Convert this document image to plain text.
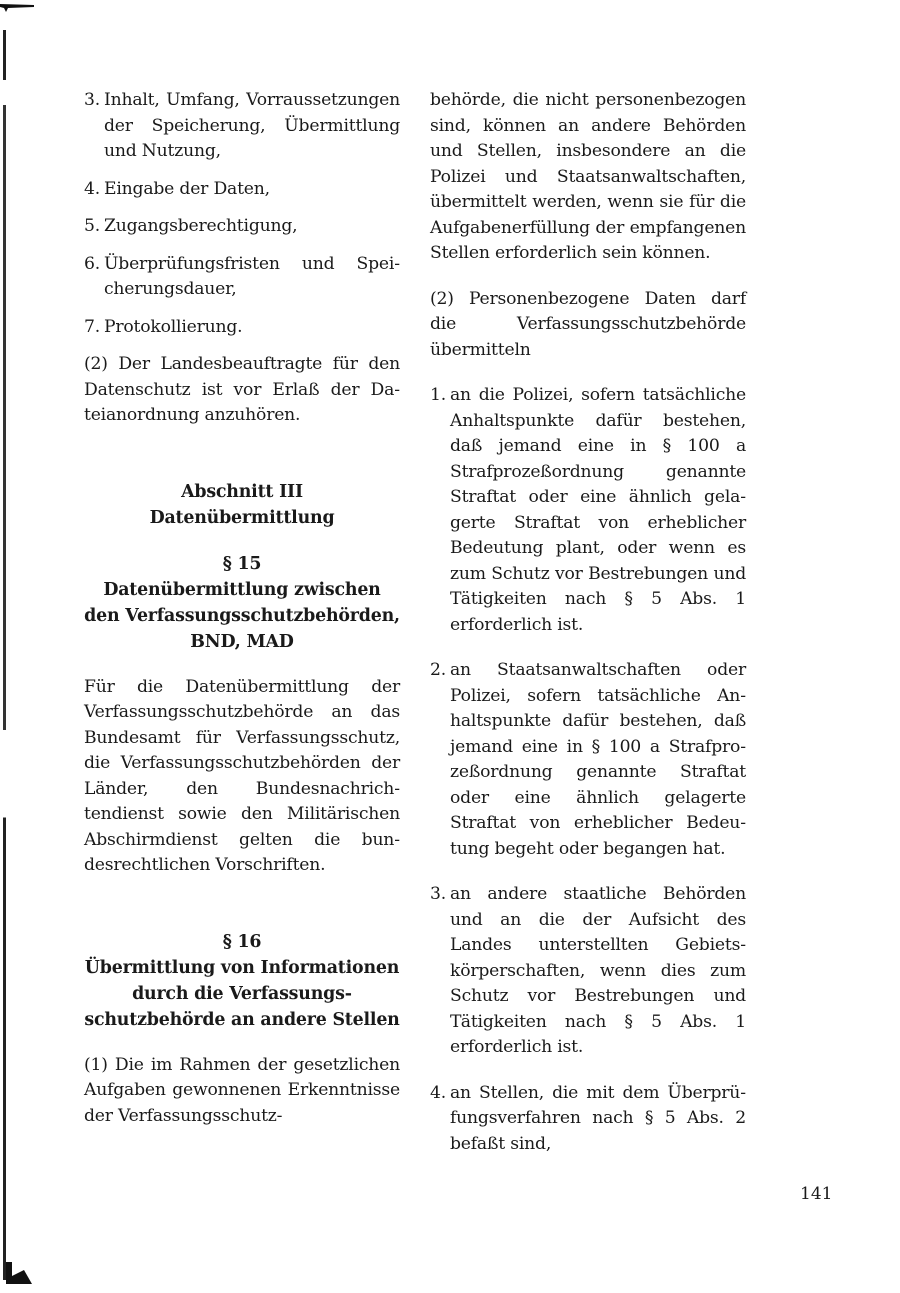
3. Inhalt, Umfang, Vorraussetzungen der Speicherung, Übermittlung und Nutzung,
4. Eingabe der Daten,
5. Zugangsberechtigung,
6. Überprüfungsfristen und Speicherungsdauer,
7. Protokollierung.

(2) Der Landesbeauftragte für den Datenschutz ist vor Erlaß der Dateianordnung anzuhören.

Abschnitt III

Datenübermittlung

§ 15

Datenübermittlung zwischen den Verfassungsschutzbehörden, BND, MAD

Für die Datenübermittlung der Verfassungsschutzbehörde an das Bundesamt für Verfassungsschutz, die Verfassungsschutzbehörden der Länder, den Bundesnachrichtendienst sowie den Militärischen Abschirmdienst gelten die bundesrechtlichen Vorschriften.

§ 16

Übermittlung von Informationen durch die Verfassungsschutzbehörde an andere Stellen

(1) Die im Rahmen der gesetzlichen Aufgaben gewonnenen Erkenntnisse der Verfassungsschutz-

behörde, die nicht personenbezogen sind, können an andere Behörden und Stellen, insbesondere an die Polizei und Staatsanwaltschaften, übermittelt werden, wenn sie für die Aufgabenerfüllung der empfangenen Stellen erforderlich sein können.

(2) Personenbezogene Daten darf die Verfassungsschutzbehörde übermitteln

1. an die Polizei, sofern tatsächliche Anhaltspunkte dafür bestehen, daß jemand eine in § 100 a Strafprozeßordnung genannte Straftat oder eine ähnlich gelagerte Straftat von erheblicher Bedeutung plant, oder wenn es zum Schutz vor Bestrebungen und Tätigkeiten nach § 5 Abs. 1 erforderlich ist.
2. an Staatsanwaltschaften oder Polizei, sofern tatsächliche Anhaltspunkte dafür bestehen, daß jemand eine in § 100 a Strafprozeßordnung genannte Straftat oder eine ähnlich gelagerte Straftat von erheblicher Bedeutung begeht oder begangen hat.
3. an andere staatliche Behörden und an die der Aufsicht des Landes unterstellten Gebietskörperschaften, wenn dies zum Schutz vor Bestrebungen und Tätigkeiten nach § 5 Abs. 1 erforderlich ist.
4. an Stellen, die mit dem Überprüfungsverfahren nach § 5 Abs. 2 befaßt sind,
141
